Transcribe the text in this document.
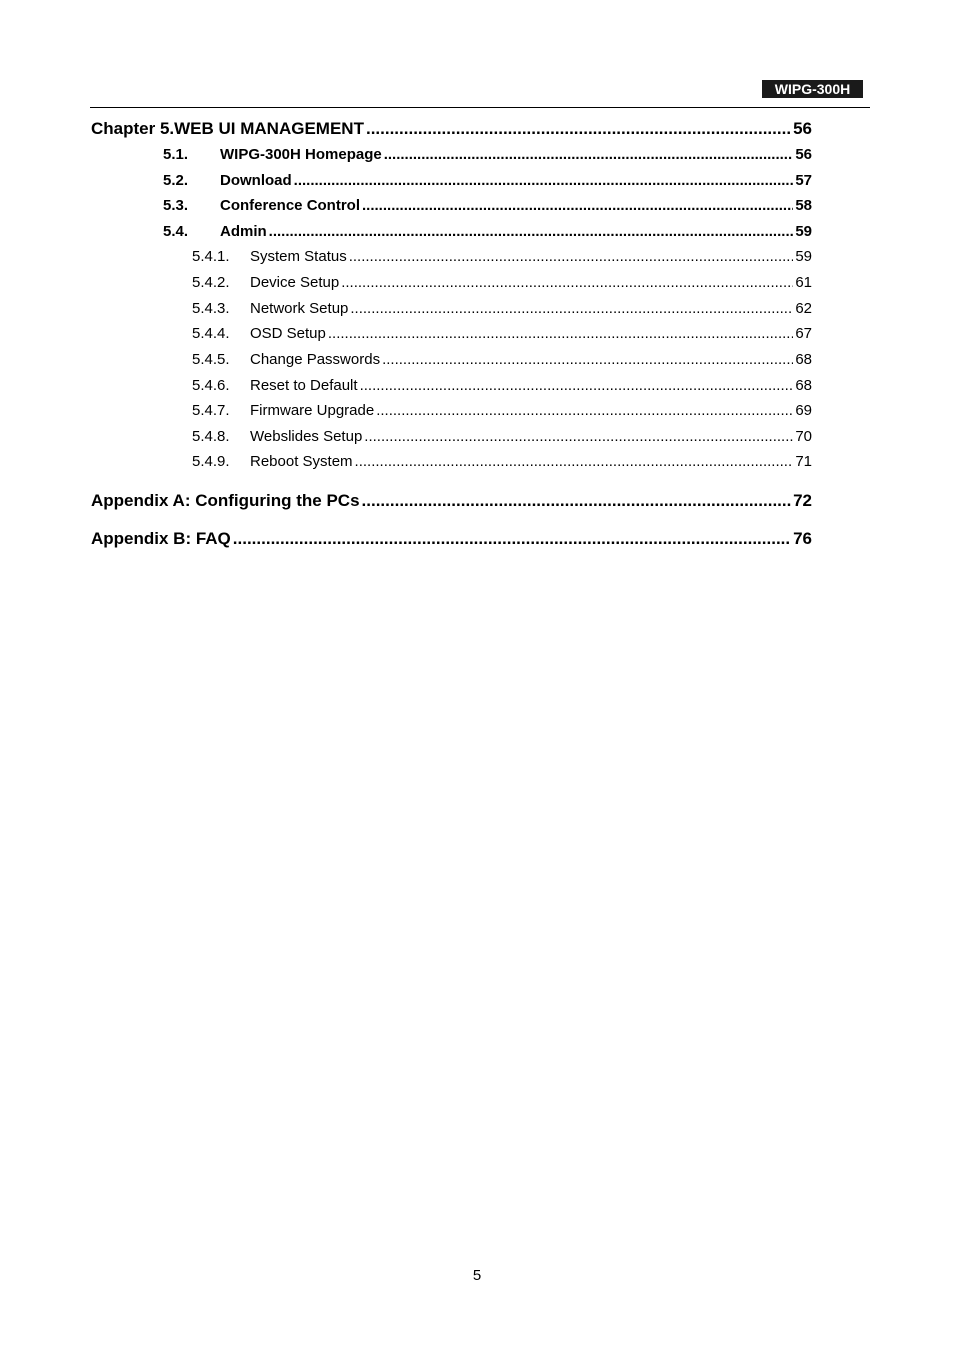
WIPG-300H
Chapter 5.WEB UI MANAGEMENT .....	56
5.1.	WIPG-300H Homepage .....	56
5.2.	Download .....	57
5.3.	Conference Control .....	58
5.4.	Admin .....	59
5.4.1.	System Status .....	59
5.4.2.	Device Setup .....	61
5.4.3.	Network Setup .....	62
5.4.4.	OSD Setup .....	67
5.4.5.	Change Passwords .....	68
5.4.6.	Reset to Default .....	68
5.4.7.	Firmware Upgrade .....	69
5.4.8.	Webslides Setup .....	70
5.4.9.	Reboot System .....	71
Appendix A: Configuring the PCs .....	72
Appendix B: FAQ .....	76
5
